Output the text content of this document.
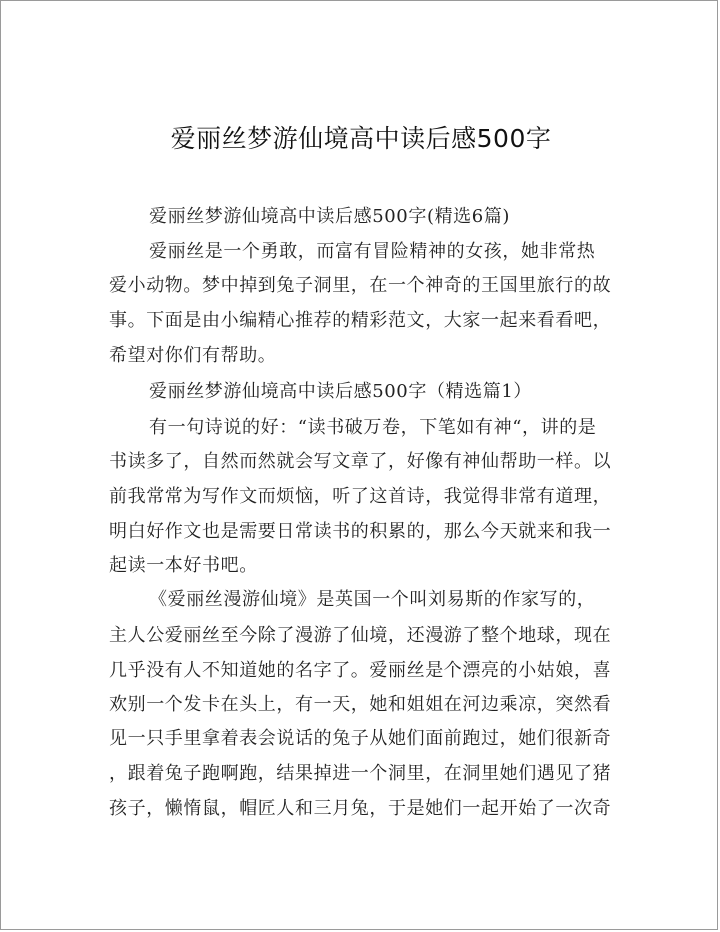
爱丽丝梦游仙境高中读后感500字
爱丽丝梦游仙境高中读后感500字(精选6篇)
爱丽丝是一个勇敢，而富有冒险精神的女孩，她非常热
爱小动物。梦中掉到兔子洞里，在一个神奇的王国里旅行的故
事。下面是由小编精心推荐的精彩范文，大家一起来看看吧，
希望对你们有帮助。
爱丽丝梦游仙境高中读后感500字（精选篇1）
有一句诗说的好：“读书破万卷，下笔如有神“，讲的是
书读多了，自然而然就会写文章了，好像有神仙帮助一样。以
前我常常为写作文而烦恼，听了这首诗，我觉得非常有道理，
明白好作文也是需要日常读书的积累的，那么今天就来和我一
起读一本好书吧。
《爱丽丝漫游仙境》是英国一个叫刘易斯的作家写的，
主人公爱丽丝至今除了漫游了仙境，还漫游了整个地球，现在
几乎没有人不知道她的名字了。爱丽丝是个漂亮的小姑娘，喜
欢别一个发卡在头上，有一天，她和姐姐在河边乘凉，突然看
见一只手里拿着表会说话的兔子从她们面前跑过，她们很新奇
，跟着兔子跑啊跑，结果掉进一个洞里，在洞里她们遇见了猪
孩子，懒惰鼠，帽匠人和三月兔，于是她们一起开始了一次奇
